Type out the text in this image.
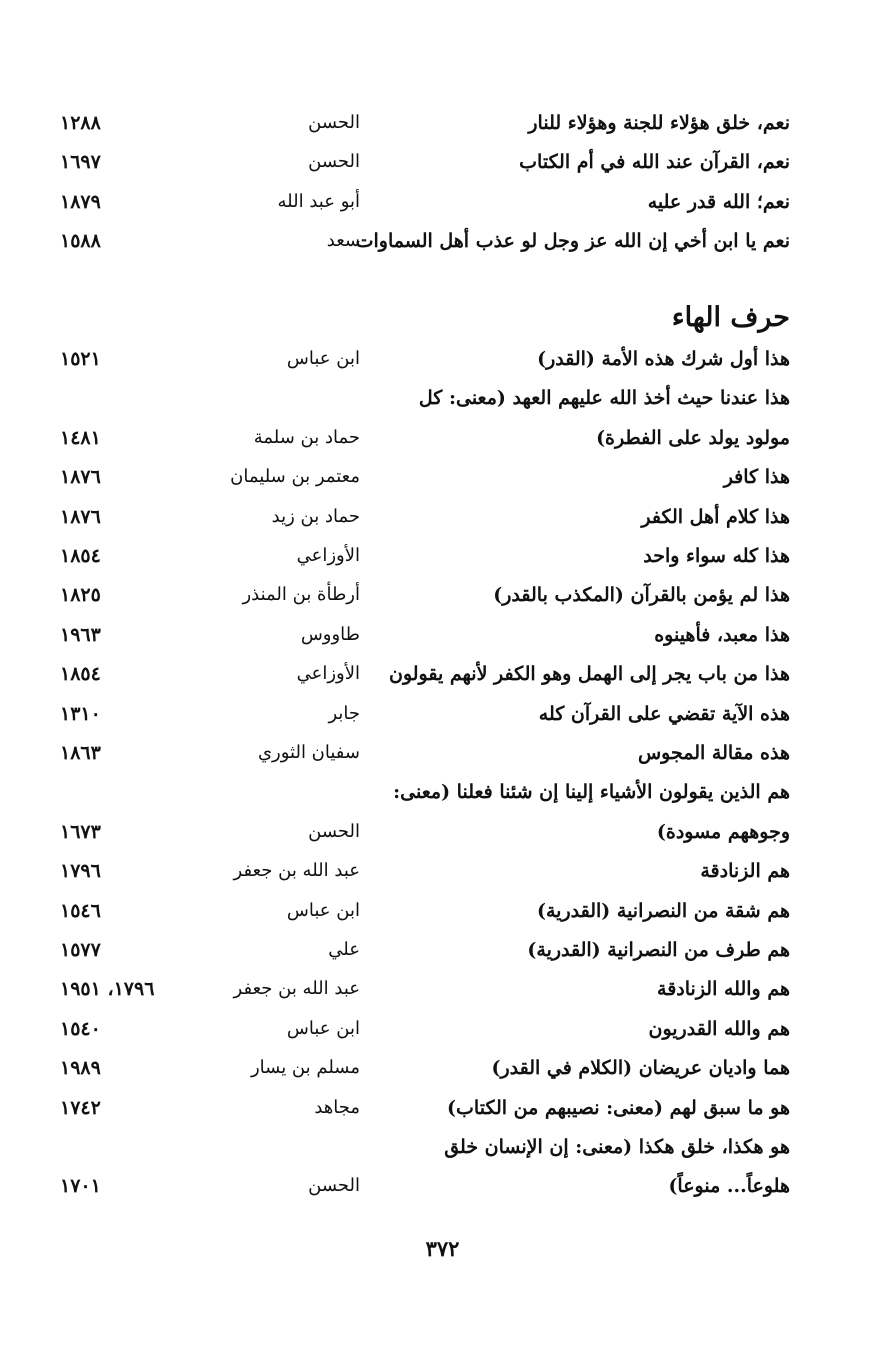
نعم، خلق هؤلاء للجنة وهؤلاء للنار
الحسن
١٢٨٨
نعم، القرآن عند الله في أم الكتاب
الحسن
١٦٩٧
نعم؛ الله قدر عليه
أبو عبد الله
١٨٧٩
نعم يا ابن أخي إن الله عز وجل لو عذب أهل السماوات
سعد
١٥٨٨
حرف الهاء
هذا أول شرك هذه الأمة (القدر)
ابن عباس
١٥٢١
هذا عندنا حيث أخذ الله عليهم العهد (معنى: كل
مولود يولد على الفطرة)
حماد بن سلمة
١٤٨١
هذا كافر
معتمر بن سليمان
١٨٧٦
هذا كلام أهل الكفر
حماد بن زيد
١٨٧٦
هذا كله سواء واحد
الأوزاعي
١٨٥٤
هذا لم يؤمن بالقرآن (المكذب بالقدر)
أرطأة بن المنذر
١٨٢٥
هذا معبد، فأهينوه
طاووس
١٩٦٣
هذا من باب يجر إلى الهمل وهو الكفر لأنهم يقولون
الأوزاعي
١٨٥٤
هذه الآية تقضي على القرآن كله
جابر
١٣١٠
هذه مقالة المجوس
سفيان الثوري
١٨٦٣
هم الذين يقولون الأشياء إلينا إن شئنا فعلنا (معنى:
وجوههم مسودة)
الحسن
١٦٧٣
هم الزنادقة
عبد الله بن جعفر
١٧٩٦
هم شقة من النصرانية (القدرية)
ابن عباس
١٥٤٦
هم طرف من النصرانية (القدرية)
علي
١٥٧٧
هم والله الزنادقة
عبد الله بن جعفر
١٧٩٦، ١٩٥١
هم والله القدريون
ابن عباس
١٥٤٠
هما واديان عريضان (الكلام في القدر)
مسلم بن يسار
١٩٨٩
هو ما سبق لهم (معنى: نصيبهم من الكتاب)
مجاهد
١٧٤٢
هو هكذا، خلق هكذا (معنى: إن الإنسان خلق
هلوعاً... منوعاً)
الحسن
١٧٠١
٣٧٢
